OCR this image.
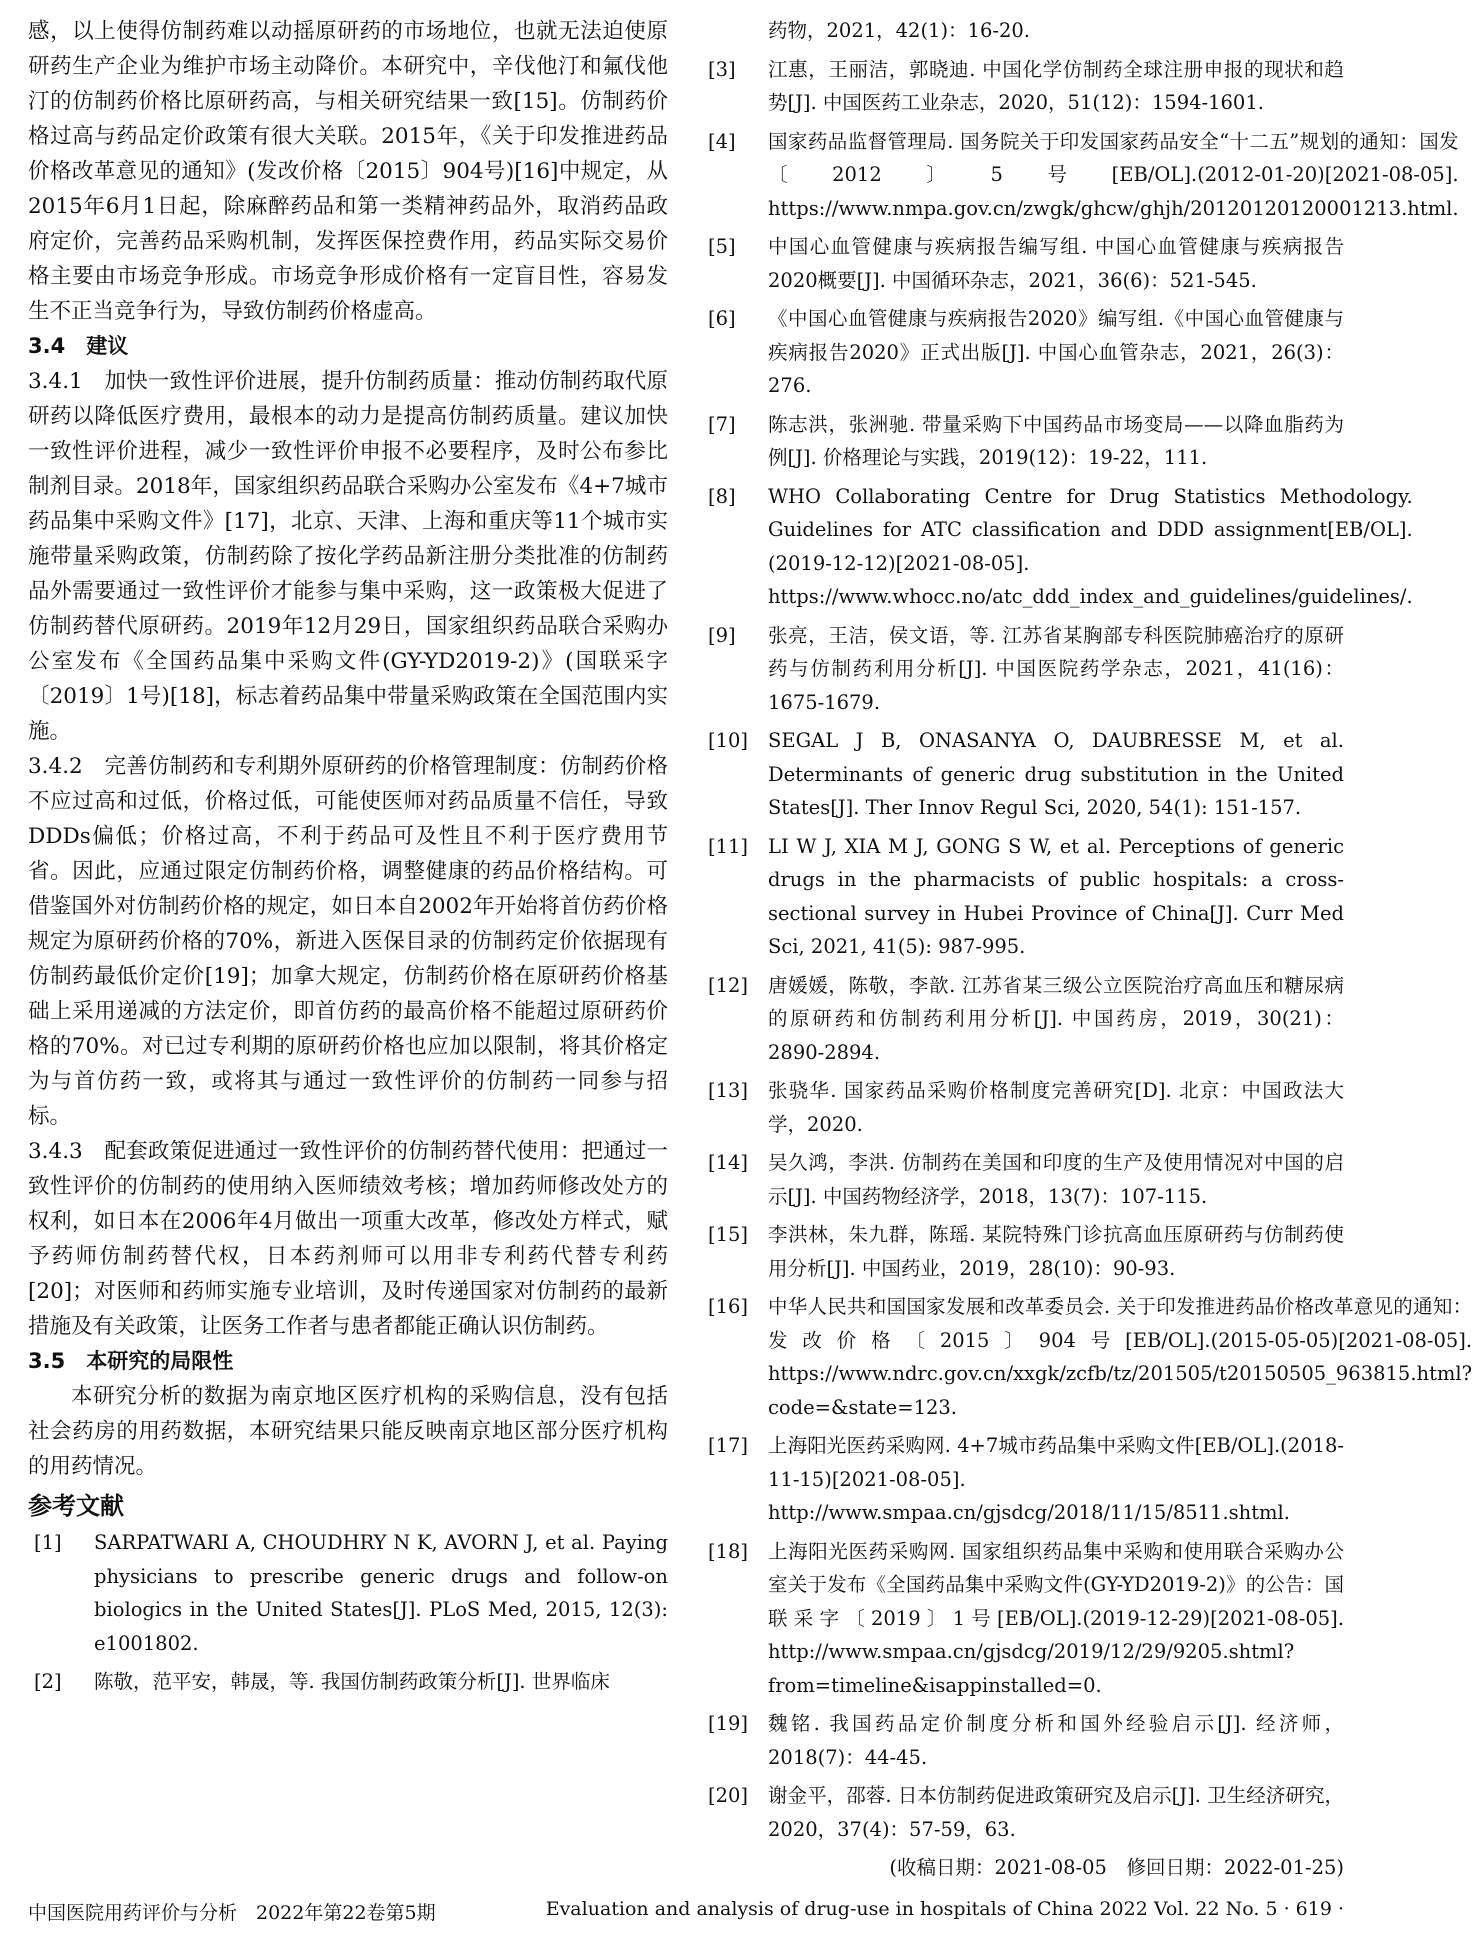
感，以上使得仿制药难以动摇原研药的市场地位，也就无法迫使原研药生产企业为维护市场主动降价。本研究中，辛伐他汀和氟伐他汀的仿制药价格比原研药高，与相关研究结果一致[15]。仿制药价格过高与药品定价政策有很大关联。2015年，《关于印发推进药品价格改革意见的通知》(发改价格〔2015〕904号)[16]中规定，从2015年6月1日起，除麻醉药品和第一类精神药品外，取消药品政府定价，完善药品采购机制，发挥医保控费作用，药品实际交易价格主要由市场竞争形成。市场竞争形成价格有一定盲目性，容易发生不正当竞争行为，导致仿制药价格虚高。

3.4　建议

3.4.1　加快一致性评价进展，提升仿制药质量：推动仿制药取代原研药以降低医疗费用，最根本的动力是提高仿制药质量。建议加快一致性评价进程，减少一致性评价申报不必要程序，及时公布参比制剂目录。2018年，国家组织药品联合采购办公室发布《4+7城市药品集中采购文件》[17]，北京、天津、上海和重庆等11个城市实施带量采购政策，仿制药除了按化学药品新注册分类批准的仿制药品外需要通过一致性评价才能参与集中采购，这一政策极大促进了仿制药替代原研药。2019年12月29日，国家组织药品联合采购办公室发布《全国药品集中采购文件(GY-YD2019-2)》(国联采字〔2019〕1号)[18]，标志着药品集中带量采购政策在全国范围内实施。

3.4.2　完善仿制药和专利期外原研药的价格管理制度：仿制药价格不应过高和过低，价格过低，可能使医师对药品质量不信任，导致DDDs偏低；价格过高，不利于药品可及性且不利于医疗费用节省。因此，应通过限定仿制药价格，调整健康的药品价格结构。可借鉴国外对仿制药价格的规定，如日本自2002年开始将首仿药价格规定为原研药价格的70%，新进入医保目录的仿制药定价依据现有仿制药最低价定价[19]；加拿大规定，仿制药价格在原研药价格基础上采用递减的方法定价，即首仿药的最高价格不能超过原研药价格的70%。对已过专利期的原研药价格也应加以限制，将其价格定为与首仿药一致，或将其与通过一致性评价的仿制药一同参与招标。

3.4.3　配套政策促进通过一致性评价的仿制药替代使用：把通过一致性评价的仿制药的使用纳入医师绩效考核；增加药师修改处方的权利，如日本在2006年4月做出一项重大改革，修改处方样式，赋予药师仿制药替代权，日本药剂师可以用非专利药代替专利药[20]；对医师和药师实施专业培训，及时传递国家对仿制药的最新措施及有关政策，让医务工作者与患者都能正确认识仿制药。

3.5　本研究的局限性

本研究分析的数据为南京地区医疗机构的采购信息，没有包括社会药房的用药数据，本研究结果只能反映南京地区部分医疗机构的用药情况。

参考文献

[1]	SARPATWARI A, CHOUDHRY N K, AVORN J, et al. Paying physicians to prescribe generic drugs and follow-on biologics in the United States[J]. PLoS Med, 2015, 12(3): e1001802.
[2]	陈敬，范平安，韩晟，等. 我国仿制药政策分析[J]. 世界临床
药物，2021，42(1)：16-20.
[3]	江惠，王丽洁，郭晓迪. 中国化学仿制药全球注册申报的现状和趋势[J]. 中国医药工业杂志，2020，51(12)：1594-1601.
[4]	国家药品监督管理局. 国务院关于印发国家药品安全“十二五”规划的通知：国发〔2012〕5号[EB/OL].(2012-01-20)[2021-08-05]. https://www.nmpa.gov.cn/zwgk/ghcw/ghjh/20120120120001213.html.
[5]	中国心血管健康与疾病报告编写组. 中国心血管健康与疾病报告2020概要[J]. 中国循环杂志，2021，36(6)：521-545.
[6]	《中国心血管健康与疾病报告2020》编写组.《中国心血管健康与疾病报告2020》正式出版[J]. 中国心血管杂志，2021，26(3)：276.
[7]	陈志洪，张洲驰. 带量采购下中国药品市场变局——以降血脂药为例[J]. 价格理论与实践，2019(12)：19-22，111.
[8]	WHO Collaborating Centre for Drug Statistics Methodology. Guidelines for ATC classification and DDD assignment[EB/OL].(2019-12-12)[2021-08-05]. https://www.whocc.no/atc_ddd_index_and_guidelines/guidelines/.
[9]	张亮，王洁，侯文语，等. 江苏省某胸部专科医院肺癌治疗的原研药与仿制药利用分析[J]. 中国医院药学杂志，2021，41(16)：1675-1679.
[10]	SEGAL J B, ONASANYA O, DAUBRESSE M, et al. Determinants of generic drug substitution in the United States[J]. Ther Innov Regul Sci, 2020, 54(1): 151-157.
[11]	LI W J, XIA M J, GONG S W, et al. Perceptions of generic drugs in the pharmacists of public hospitals: a cross-sectional survey in Hubei Province of China[J]. Curr Med Sci, 2021, 41(5): 987-995.
[12]	唐媛媛，陈敬，李歆. 江苏省某三级公立医院治疗高血压和糖尿病的原研药和仿制药利用分析[J]. 中国药房，2019，30(21)：2890-2894.
[13]	张骁华. 国家药品采购价格制度完善研究[D]. 北京：中国政法大学，2020.
[14]	吴久鸿，李洪. 仿制药在美国和印度的生产及使用情况对中国的启示[J]. 中国药物经济学，2018，13(7)：107-115.
[15]	李洪林，朱九群，陈瑶. 某院特殊门诊抗高血压原研药与仿制药使用分析[J]. 中国药业，2019，28(10)：90-93.
[16]	中华人民共和国国家发展和改革委员会. 关于印发推进药品价格改革意见的通知：发改价格〔2015〕904号[EB/OL].(2015-05-05)[2021-08-05]. https://www.ndrc.gov.cn/xxgk/zcfb/tz/201505/t20150505_963815.html?code=&state=123.
[17]	上海阳光医药采购网. 4+7城市药品集中采购文件[EB/OL].(2018-11-15)[2021-08-05]. http://www.smpaa.cn/gjsdcg/2018/11/15/8511.shtml.
[18]	上海阳光医药采购网. 国家组织药品集中采购和使用联合采购办公室关于发布《全国药品集中采购文件(GY-YD2019-2)》的公告：国联采字〔2019〕1号[EB/OL].(2019-12-29)[2021-08-05]. http://www.smpaa.cn/gjsdcg/2019/12/29/9205.shtml?from=timeline&isappinstalled=0.
[19]	魏铭. 我国药品定价制度分析和国外经验启示[J]. 经济师，2018(7)：44-45.
[20]	谢金平，邵蓉. 日本仿制药促进政策研究及启示[J]. 卫生经济研究，2020，37(4)：57-59，63.

(收稿日期：2021-08-05　修回日期：2022-01-25)

中国医院用药评价与分析　2022年第22卷第5期	Evaluation and analysis of drug-use in hospitals of China 2022 Vol. 22 No. 5 · 619 ·
